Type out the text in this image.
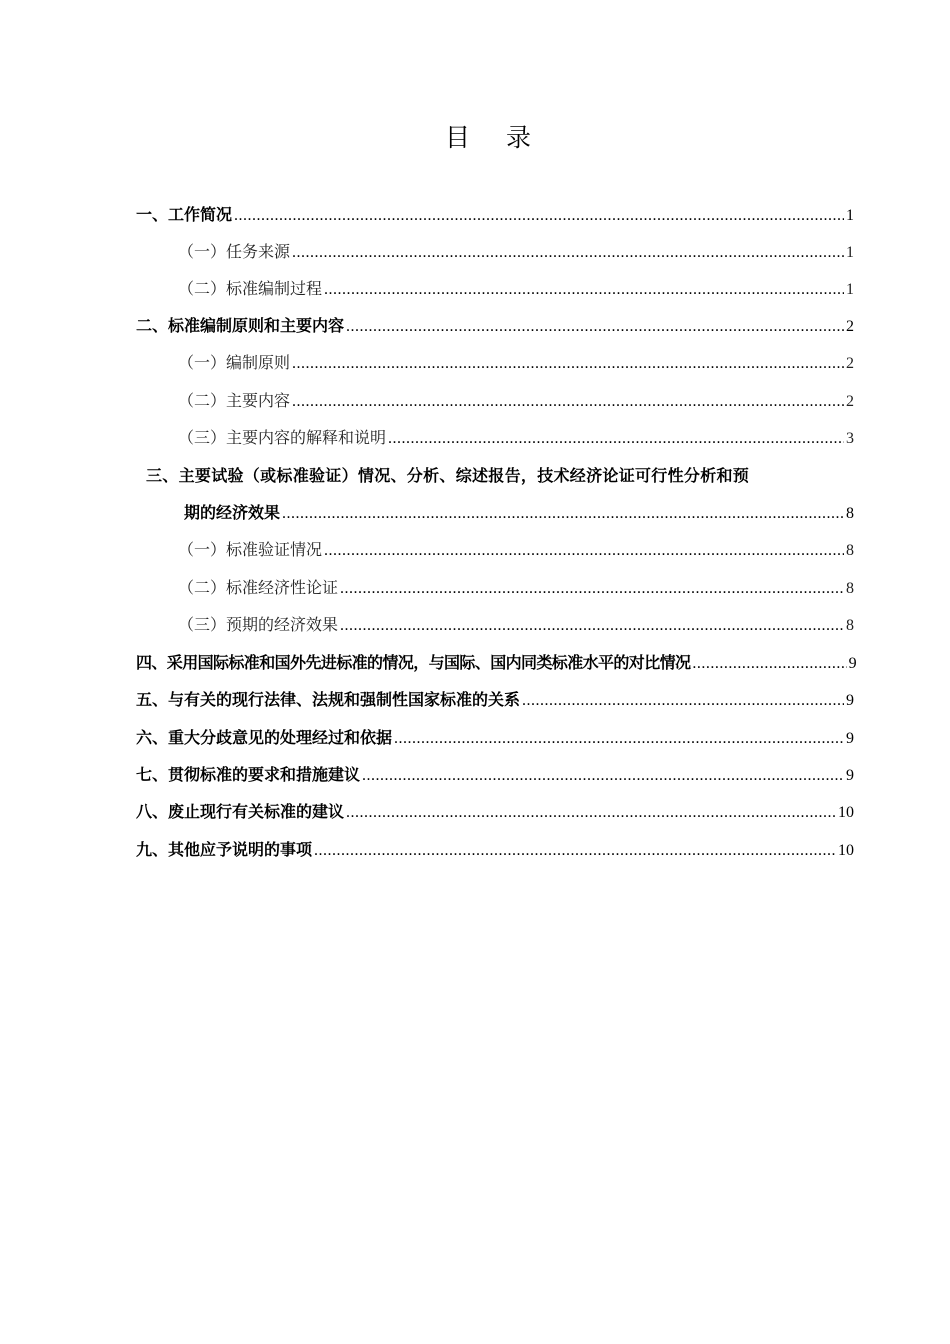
目 录
一、工作简况 .....	1
（一）任务来源 .....	1
（二）标准编制过程 .....	1
二、标准编制原则和主要内容 .....	2
（一）编制原则 .....	2
（二）主要内容 .....	2
（三）主要内容的解释和说明 .....	3
三、主要试验（或标准验证）情况、分析、综述报告，技术经济论证可行性分析和预
期的经济效果 .....	8
（一）标准验证情况 .....	8
（二）标准经济性论证 .....	8
（三）预期的经济效果 .....	8
四、采用国际标准和国外先进标准的情况，与国际、国内同类标准水平的对比情况 .....	9
五、与有关的现行法律、法规和强制性国家标准的关系 .....	9
六、重大分歧意见的处理经过和依据 .....	9
七、贯彻标准的要求和措施建议 .....	9
八、废止现行有关标准的建议 .....	10
九、其他应予说明的事项 .....	10
